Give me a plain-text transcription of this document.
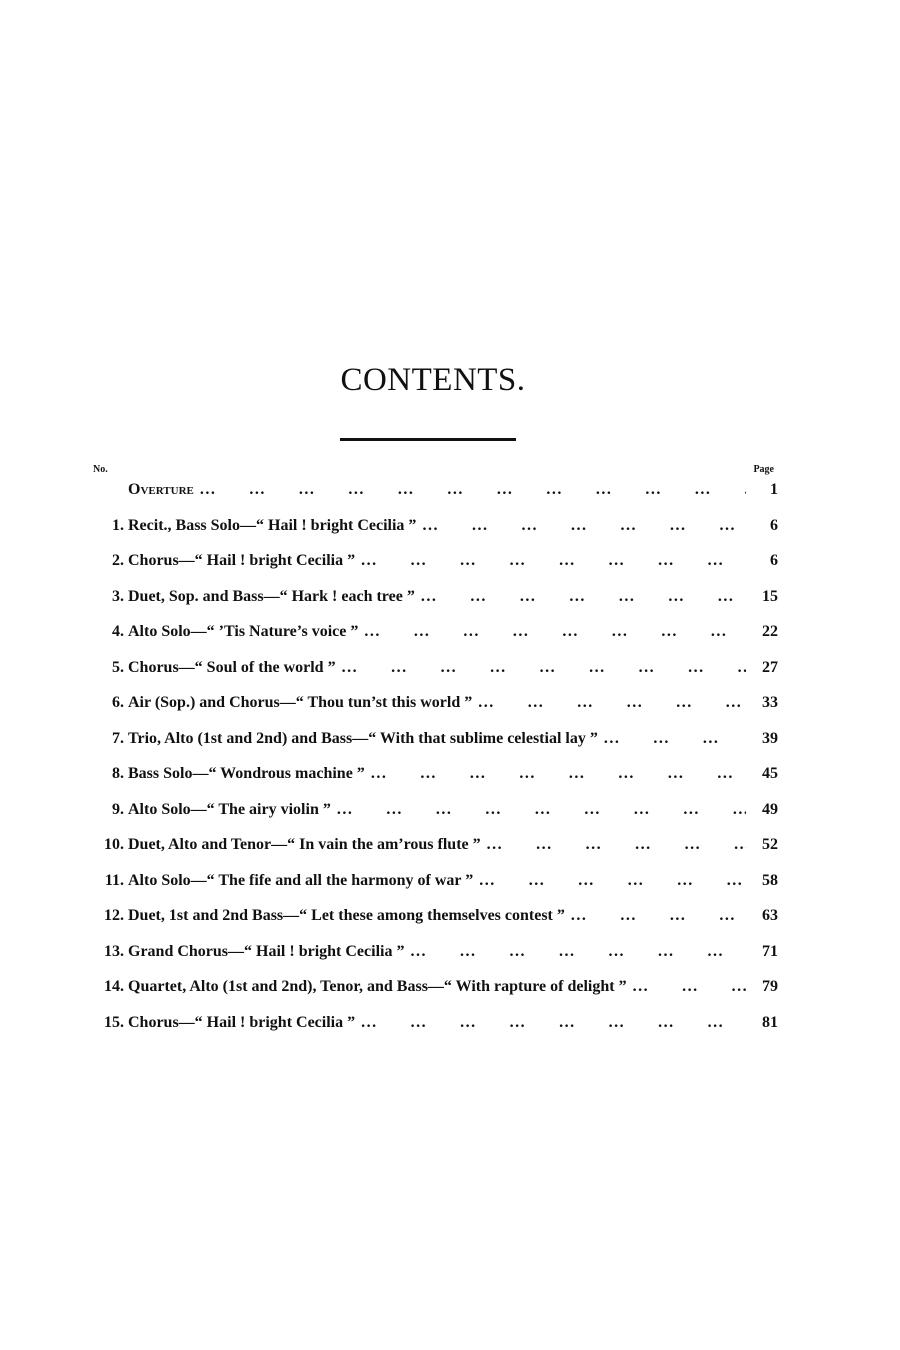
CONTENTS.
No.	Page
Overture ...	1
1. Recit., Bass Solo—“ Hail ! bright Cecilia ” ...	6
2. Chorus—“ Hail ! bright Cecilia ” ...	6
3. Duet, Sop. and Bass—“ Hark ! each tree ” ...	15
4. Alto Solo—“ ’Tis Nature’s voice ” ...	22
5. Chorus—“ Soul of the world ” ...	27
6. Air (Sop.) and Chorus—“ Thou tun’st this world ” ...	33
7. Trio, Alto (1st and 2nd) and Bass—“ With that sublime celestial lay ” ...	39
8. Bass Solo—“ Wondrous machine ” ...	45
9. Alto Solo—“ The airy violin ” ...	49
10. Duet, Alto and Tenor—“ In vain the am’rous flute ” ...	52
11. Alto Solo—“ The fife and all the harmony of war ” ...	58
12. Duet, 1st and 2nd Bass—“ Let these among themselves contest ” ...	63
13. Grand Chorus—“ Hail ! bright Cecilia ” ...	71
14. Quartet, Alto (1st and 2nd), Tenor, and Bass—“ With rapture of delight ” ...	79
15. Chorus—“ Hail ! bright Cecilia ” ...	81
